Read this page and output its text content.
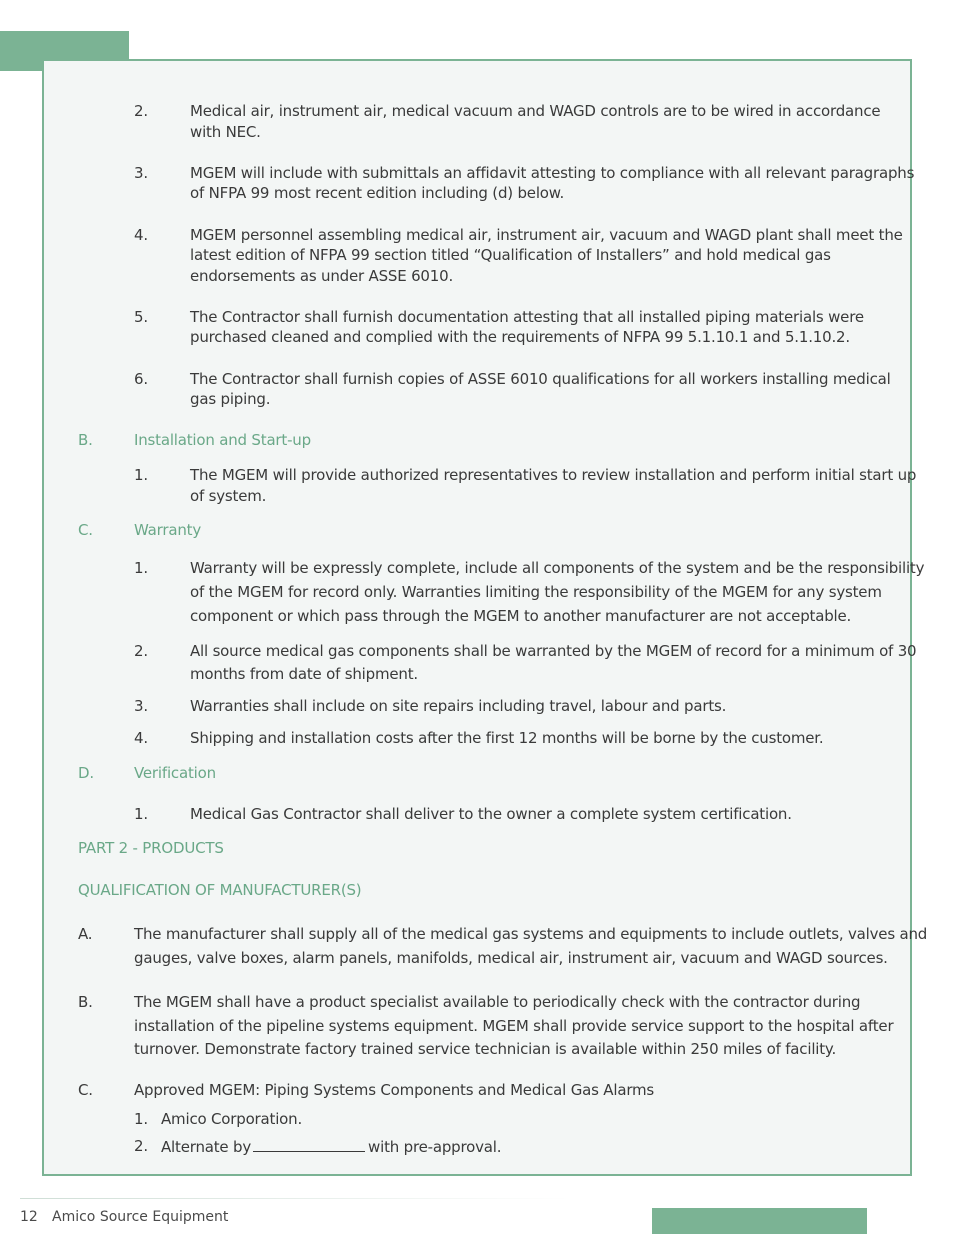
2.	Medical air, instrument air, medical vacuum and WAGD controls are to be wired in accordance
with NEC.
3.	MGEM will include with submittals an affidavit attesting to compliance with all relevant paragraphs
of NFPA 99 most recent edition including (d) below.
4.	MGEM personnel assembling medical air, instrument air, vacuum and WAGD plant shall meet the
latest edition of NFPA 99 section titled “Qualification of Installers” and hold medical gas
endorsements as under ASSE 6010.
5.	The Contractor shall furnish documentation attesting that all installed piping materials were
purchased cleaned and complied with the requirements of NFPA 99 5.1.10.1 and 5.1.10.2.
6.	The Contractor shall furnish copies of ASSE 6010 qualifications for all workers installing medical
gas piping.
B.	Installation and Start-up
1.	The MGEM will provide authorized representatives to review installation and perform initial start up
of system.
C.	Warranty
1.	Warranty will be expressly complete, include all components of the system and be the responsibility
of the MGEM for record only. Warranties limiting the responsibility of the MGEM for any system
component or which pass through the MGEM to another manufacturer are not acceptable.
2.	All source medical gas components shall be warranted by the MGEM of record for a minimum of 30
months from date of shipment.
3.	Warranties shall include on site repairs including travel, labour and parts.
4.	Shipping and installation costs after the first 12 months will be borne by the customer.
D.	Verification
1.	Medical Gas Contractor shall deliver to the owner a complete system certification.
PART 2 - PRODUCTS
QUALIFICATION OF MANUFACTURER(S)
A.	The manufacturer shall supply all of the medical gas systems and equipments to include outlets, valves and
gauges, valve boxes, alarm panels, manifolds, medical air, instrument air, vacuum and WAGD sources.
B.	The MGEM shall have a product specialist available to periodically check with the contractor during
installation of the pipeline systems equipment. MGEM shall provide service support to the hospital after
turnover. Demonstrate factory trained service technician is available within 250 miles of facility.
C.	Approved MGEM: Piping Systems Components and Medical Gas Alarms
1. Amico Corporation.
2. Alternate by	with pre-approval.
12 Amico Source Equipment
